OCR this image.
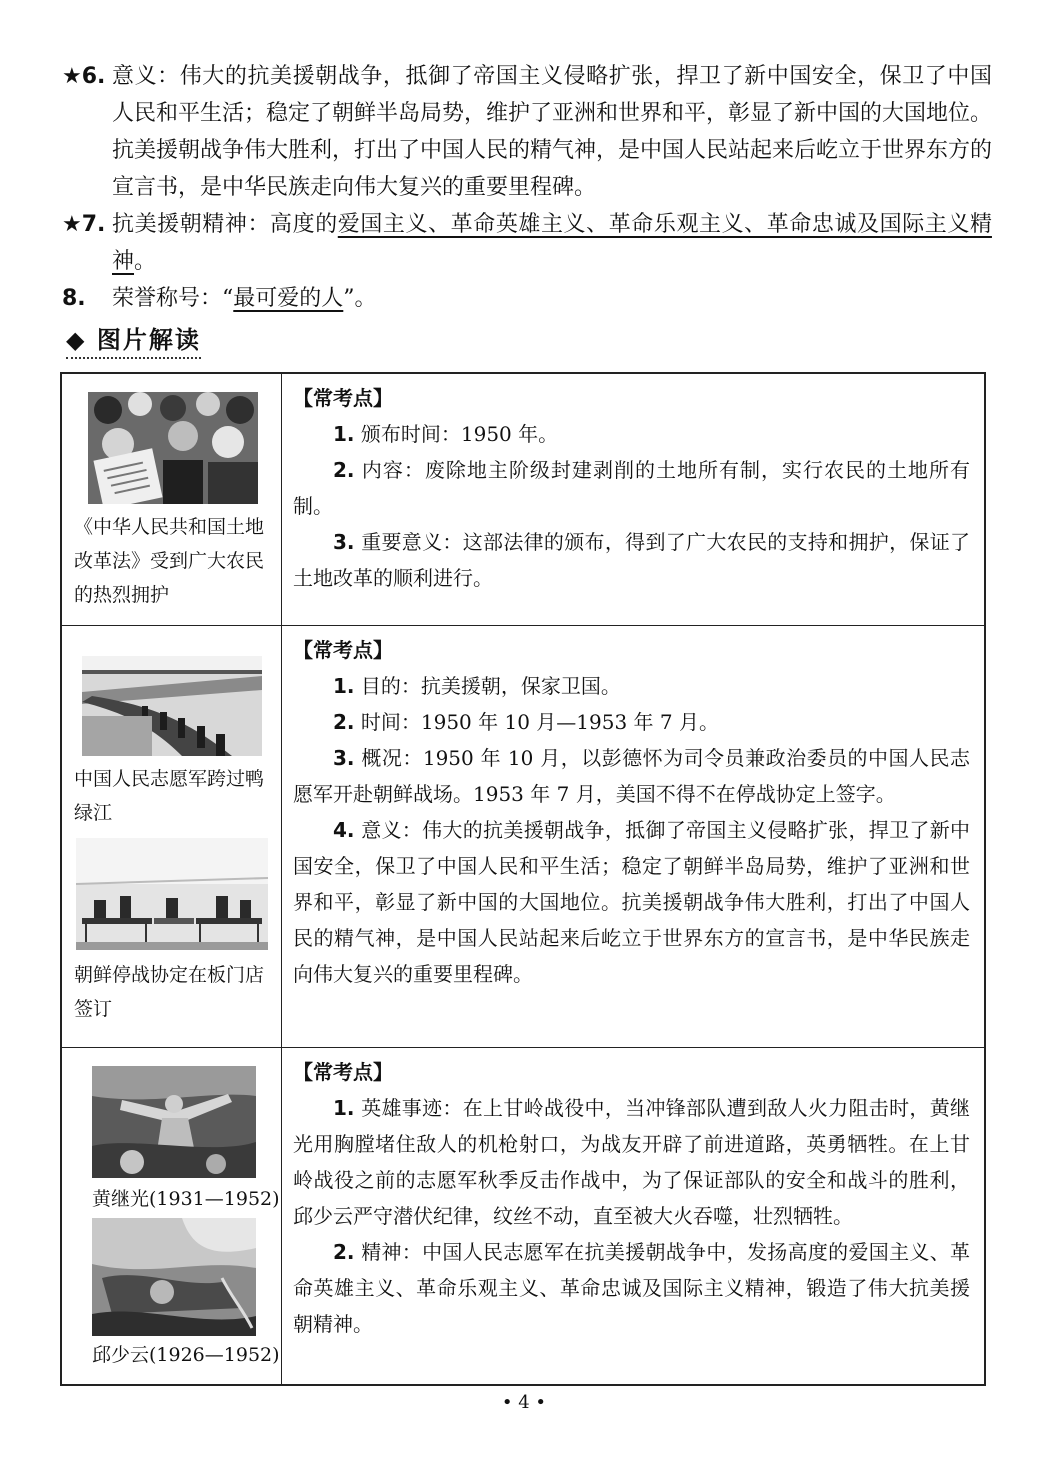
★6. 意义：伟大的抗美援朝战争，抵御了帝国主义侵略扩张，捍卫了新中国安全，保卫了中国人民和平生活；稳定了朝鲜半岛局势，维护了亚洲和世界和平，彰显了新中国的大国地位。抗美援朝战争伟大胜利，打出了中国人民的精气神，是中国人民站起来后屹立于世界东方的宣言书，是中华民族走向伟大复兴的重要里程碑。
★7. 抗美援朝精神：高度的爱国主义、革命英雄主义、革命乐观主义、革命忠诚及国际主义精神。
8.	荣誉称号：“最可爱的人”。
◆ 图片解读
《中华人民共和国土地改革法》受到广大农民的热烈拥护

【常考点】

1. 颁布时间：1950 年。

2. 内容：废除地主阶级封建剥削的土地所有制，实行农民的土地所有制。

3. 重要意义：这部法律的颁布，得到了广大农民的支持和拥护，保证了土地改革的顺利进行。

中国人民志愿军跨过鸭绿江
朝鲜停战协定在板门店签订

【常考点】

1. 目的：抗美援朝，保家卫国。

2. 时间：1950 年 10 月—1953 年 7 月。

3. 概况：1950 年 10 月，以彭德怀为司令员兼政治委员的中国人民志愿军开赴朝鲜战场。1953 年 7 月，美国不得不在停战协定上签字。

4. 意义：伟大的抗美援朝战争，抵御了帝国主义侵略扩张，捍卫了新中国安全，保卫了中国人民和平生活；稳定了朝鲜半岛局势，维护了亚洲和世界和平，彰显了新中国的大国地位。抗美援朝战争伟大胜利，打出了中国人民的精气神，是中国人民站起来后屹立于世界东方的宣言书，是中华民族走向伟大复兴的重要里程碑。

黄继光(1931—1952)
邱少云(1926—1952)

【常考点】

1. 英雄事迹：在上甘岭战役中，当冲锋部队遭到敌人火力阻击时，黄继光用胸膛堵住敌人的机枪射口，为战友开辟了前进道路，英勇牺牲。在上甘岭战役之前的志愿军秋季反击作战中，为了保证部队的安全和战斗的胜利，邱少云严守潜伏纪律，纹丝不动，直至被大火吞噬，壮烈牺牲。

2. 精神：中国人民志愿军在抗美援朝战争中，发扬高度的爱国主义、革命英雄主义、革命乐观主义、革命忠诚及国际主义精神，锻造了伟大抗美援朝精神。

• 4 •
